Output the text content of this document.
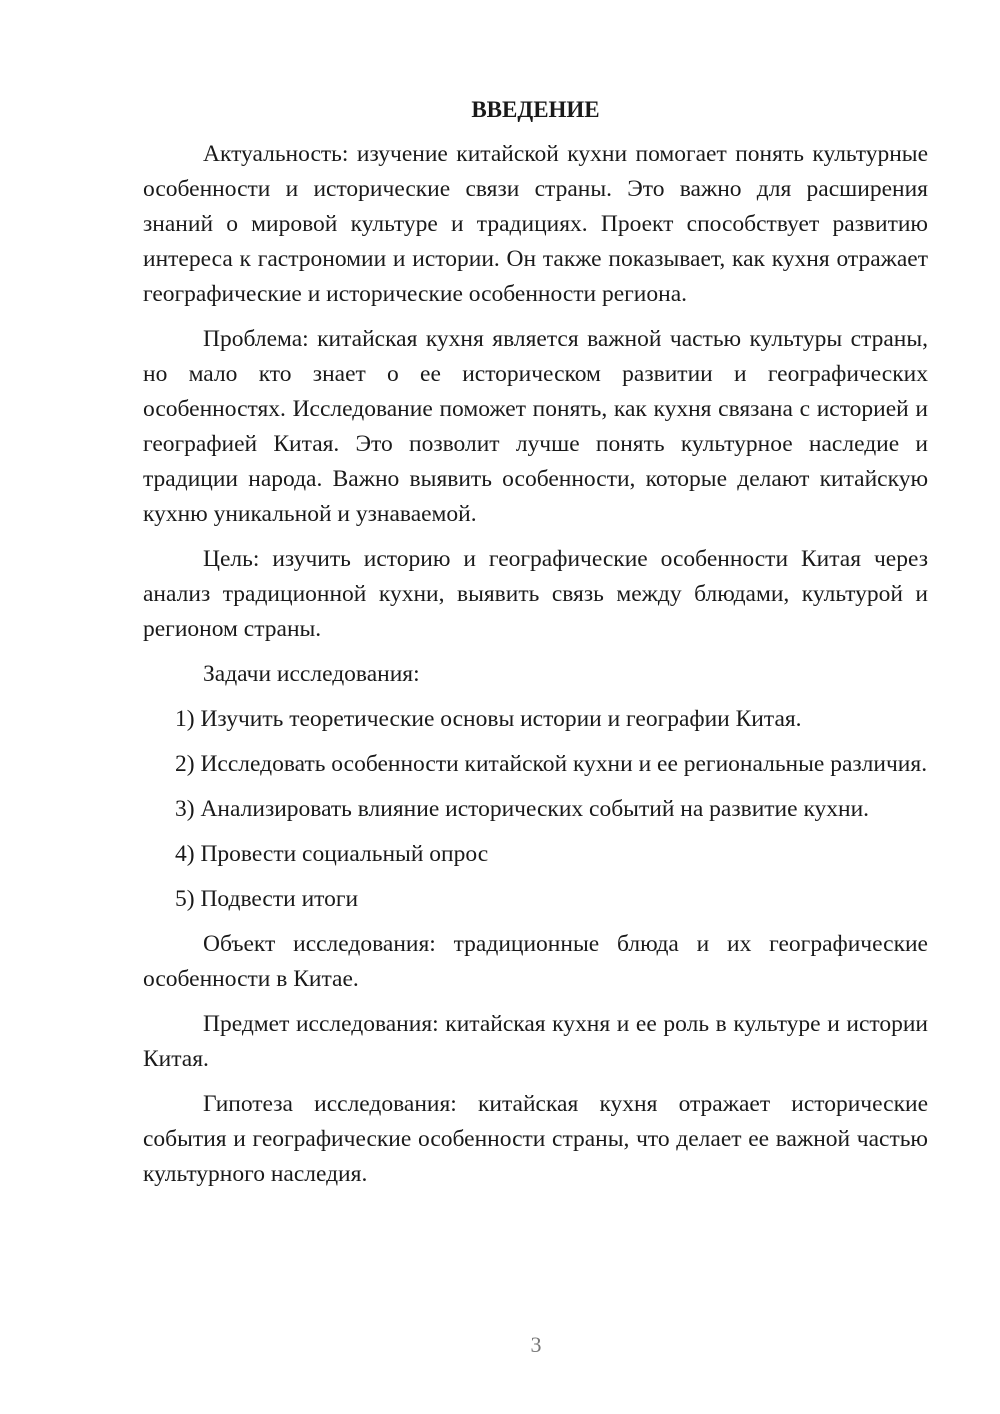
ВВЕДЕНИЕ

Актуальность: изучение китайской кухни помогает понять культурные особенности и исторические связи страны. Это важно для расширения знаний о мировой культуре и традициях. Проект способствует развитию интереса к гастрономии и истории. Он также показывает, как кухня отражает географические и исторические особенности региона.

Проблема: китайская кухня является важной частью культуры страны, но мало кто знает о ее историческом развитии и географических особенностях. Исследование поможет понять, как кухня связана с историей и географией Китая. Это позволит лучше понять культурное наследие и традиции народа. Важно выявить особенности, которые делают китайскую кухню уникальной и узнаваемой.

Цель: изучить историю и географические особенности Китая через анализ традиционной кухни, выявить связь между блюдами, культурой и регионом страны.

Задачи исследования:

1) Изучить теоретические основы истории и географии Китая.

2) Исследовать особенности китайской кухни и ее региональные различия.

3) Анализировать влияние исторических событий на развитие кухни.

4) Провести социальный опрос

5) Подвести итоги

Объект исследования: традиционные блюда и их географические особенности в Китае.

Предмет исследования: китайская кухня и ее роль в культуре и истории Китая.

Гипотеза исследования: китайская кухня отражает исторические события и географические особенности страны, что делает ее важной частью культурного наследия.

3
